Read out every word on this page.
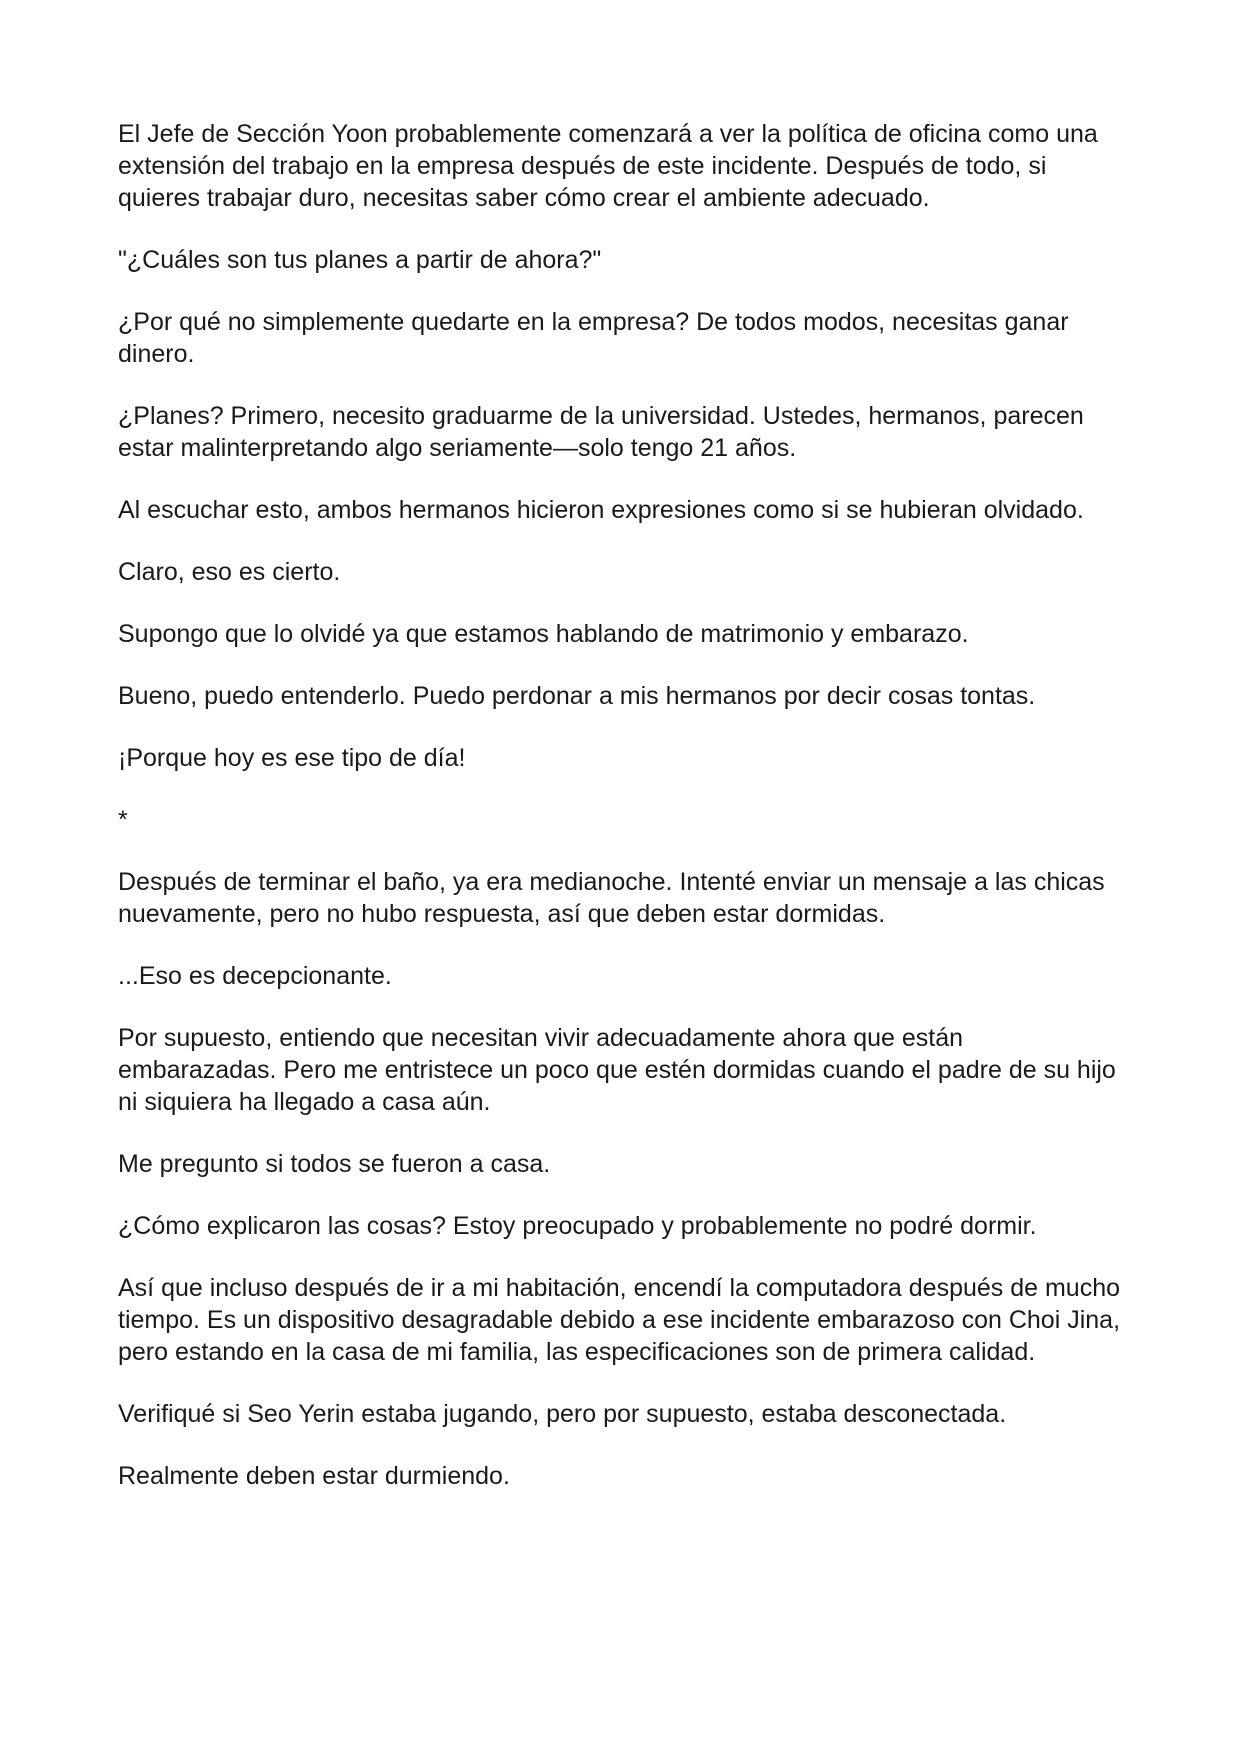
El Jefe de Sección Yoon probablemente comenzará a ver la política de oficina como una extensión del trabajo en la empresa después de este incidente. Después de todo, si quieres trabajar duro, necesitas saber cómo crear el ambiente adecuado.

"¿Cuáles son tus planes a partir de ahora?"

¿Por qué no simplemente quedarte en la empresa? De todos modos, necesitas ganar dinero.

¿Planes? Primero, necesito graduarme de la universidad. Ustedes, hermanos, parecen estar malinterpretando algo seriamente—solo tengo 21 años.

Al escuchar esto, ambos hermanos hicieron expresiones como si se hubieran olvidado.

Claro, eso es cierto.

Supongo que lo olvidé ya que estamos hablando de matrimonio y embarazo.

Bueno, puedo entenderlo. Puedo perdonar a mis hermanos por decir cosas tontas.

¡Porque hoy es ese tipo de día!

*

Después de terminar el baño, ya era medianoche. Intenté enviar un mensaje a las chicas nuevamente, pero no hubo respuesta, así que deben estar dormidas.

...Eso es decepcionante.

Por supuesto, entiendo que necesitan vivir adecuadamente ahora que están embarazadas. Pero me entristece un poco que estén dormidas cuando el padre de su hijo ni siquiera ha llegado a casa aún.

Me pregunto si todos se fueron a casa.

¿Cómo explicaron las cosas? Estoy preocupado y probablemente no podré dormir.

Así que incluso después de ir a mi habitación, encendí la computadora después de mucho tiempo. Es un dispositivo desagradable debido a ese incidente embarazoso con Choi Jina, pero estando en la casa de mi familia, las especificaciones son de primera calidad.

Verifiqué si Seo Yerin estaba jugando, pero por supuesto, estaba desconectada.

Realmente deben estar durmiendo.
